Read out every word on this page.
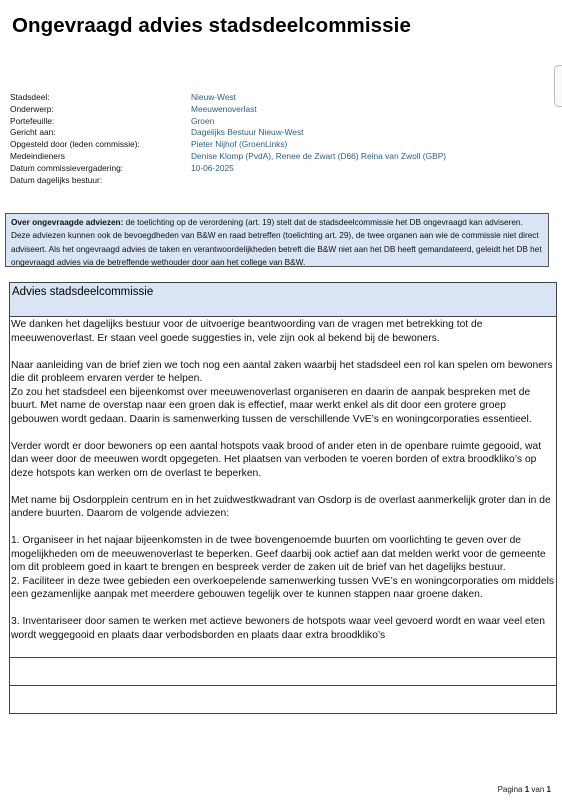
Ongevraagd advies stadsdeelcommissie
Stadsdeel:	Nieuw-West
Onderwerp:	Meeuwenoverlast
Portefeuille:	Groen
Gericht aan:	Dagelijks Bestuur Nieuw-West
Opgesteld door (leden commissie):	Pieter Nijhof (GroenLinks)
Medeindieners	Denise Klomp (PvdA), Renee de Zwart (D66) Reina van Zwoll (GBP)
Datum commissievergadering:	10-06-2025
Datum dagelijks bestuur:
Over ongevraagde adviezen: de toelichting op de verordening (art. 19) stelt dat de stadsdeelcommissie het DB ongevraagd kan adviseren. Deze adviezen kunnen ook de bevoegdheden van B&W en raad betreffen (toelichting art. 29), de twee organen aan wie de commissie niet direct adviseert. Als het ongevraagd advies de taken en verantwoordelijkheden betreft die B&W niet aan het DB heeft gemandateerd, geleidt het DB het ongevraagd advies via de betreffende wethouder door aan het college van B&W.
Advies stadsdeelcommissie

We danken het dagelijks bestuur voor de uitvoerige beantwoording van de vragen met betrekking tot de meeuwenoverlast. Er staan veel goede suggesties in, vele zijn ook al bekend bij de bewoners.

Naar aanleiding van de brief zien we toch nog een aantal zaken waarbij het stadsdeel een rol kan spelen om bewoners die dit probleem ervaren verder te helpen.

Zo zou het stadsdeel een bijeenkomst over meeuwenoverlast organiseren en daarin de aanpak bespreken met de buurt. Met name de overstap naar een groen dak is effectief, maar werkt enkel als dit door een grotere groep gebouwen wordt gedaan. Daarin is samenwerking tussen de verschillende VvE’s en woningcorporaties essentieel.

Verder wordt er door bewoners op een aantal hotspots vaak brood of ander eten in de openbare ruimte gegooid, wat dan weer door de meeuwen wordt opgegeten. Het plaatsen van verboden te voeren borden of extra broodkliko’s op deze hotspots kan werken om de overlast te beperken.

Met name bij Osdorpplein centrum en in het zuidwestkwadrant van Osdorp is de overlast aanmerkelijk groter dan in de andere buurten. Daarom de volgende adviezen:

1. Organiseer in het najaar bijeenkomsten in de twee bovengenoemde buurten om voorlichting te geven over de mogelijkheden om de meeuwenoverlast te beperken. Geef daarbij ook actief aan dat melden werkt voor de gemeente om dit probleem goed in kaart te brengen en bespreek verder de zaken uit de brief van het dagelijks bestuur.

2. Faciliteer in deze twee gebieden een overkoepelende samenwerking tussen VvE’s en woningcorporaties om middels een gezamenlijke aanpak met meerdere gebouwen tegelijk over te kunnen stappen naar groene daken.

3. Inventariseer door samen te werken met actieve bewoners de hotspots waar veel gevoerd wordt en waar veel eten wordt weggegooid en plaats daar verbodsborden en plaats daar extra broodkliko’s

Pagina 1 van 1
